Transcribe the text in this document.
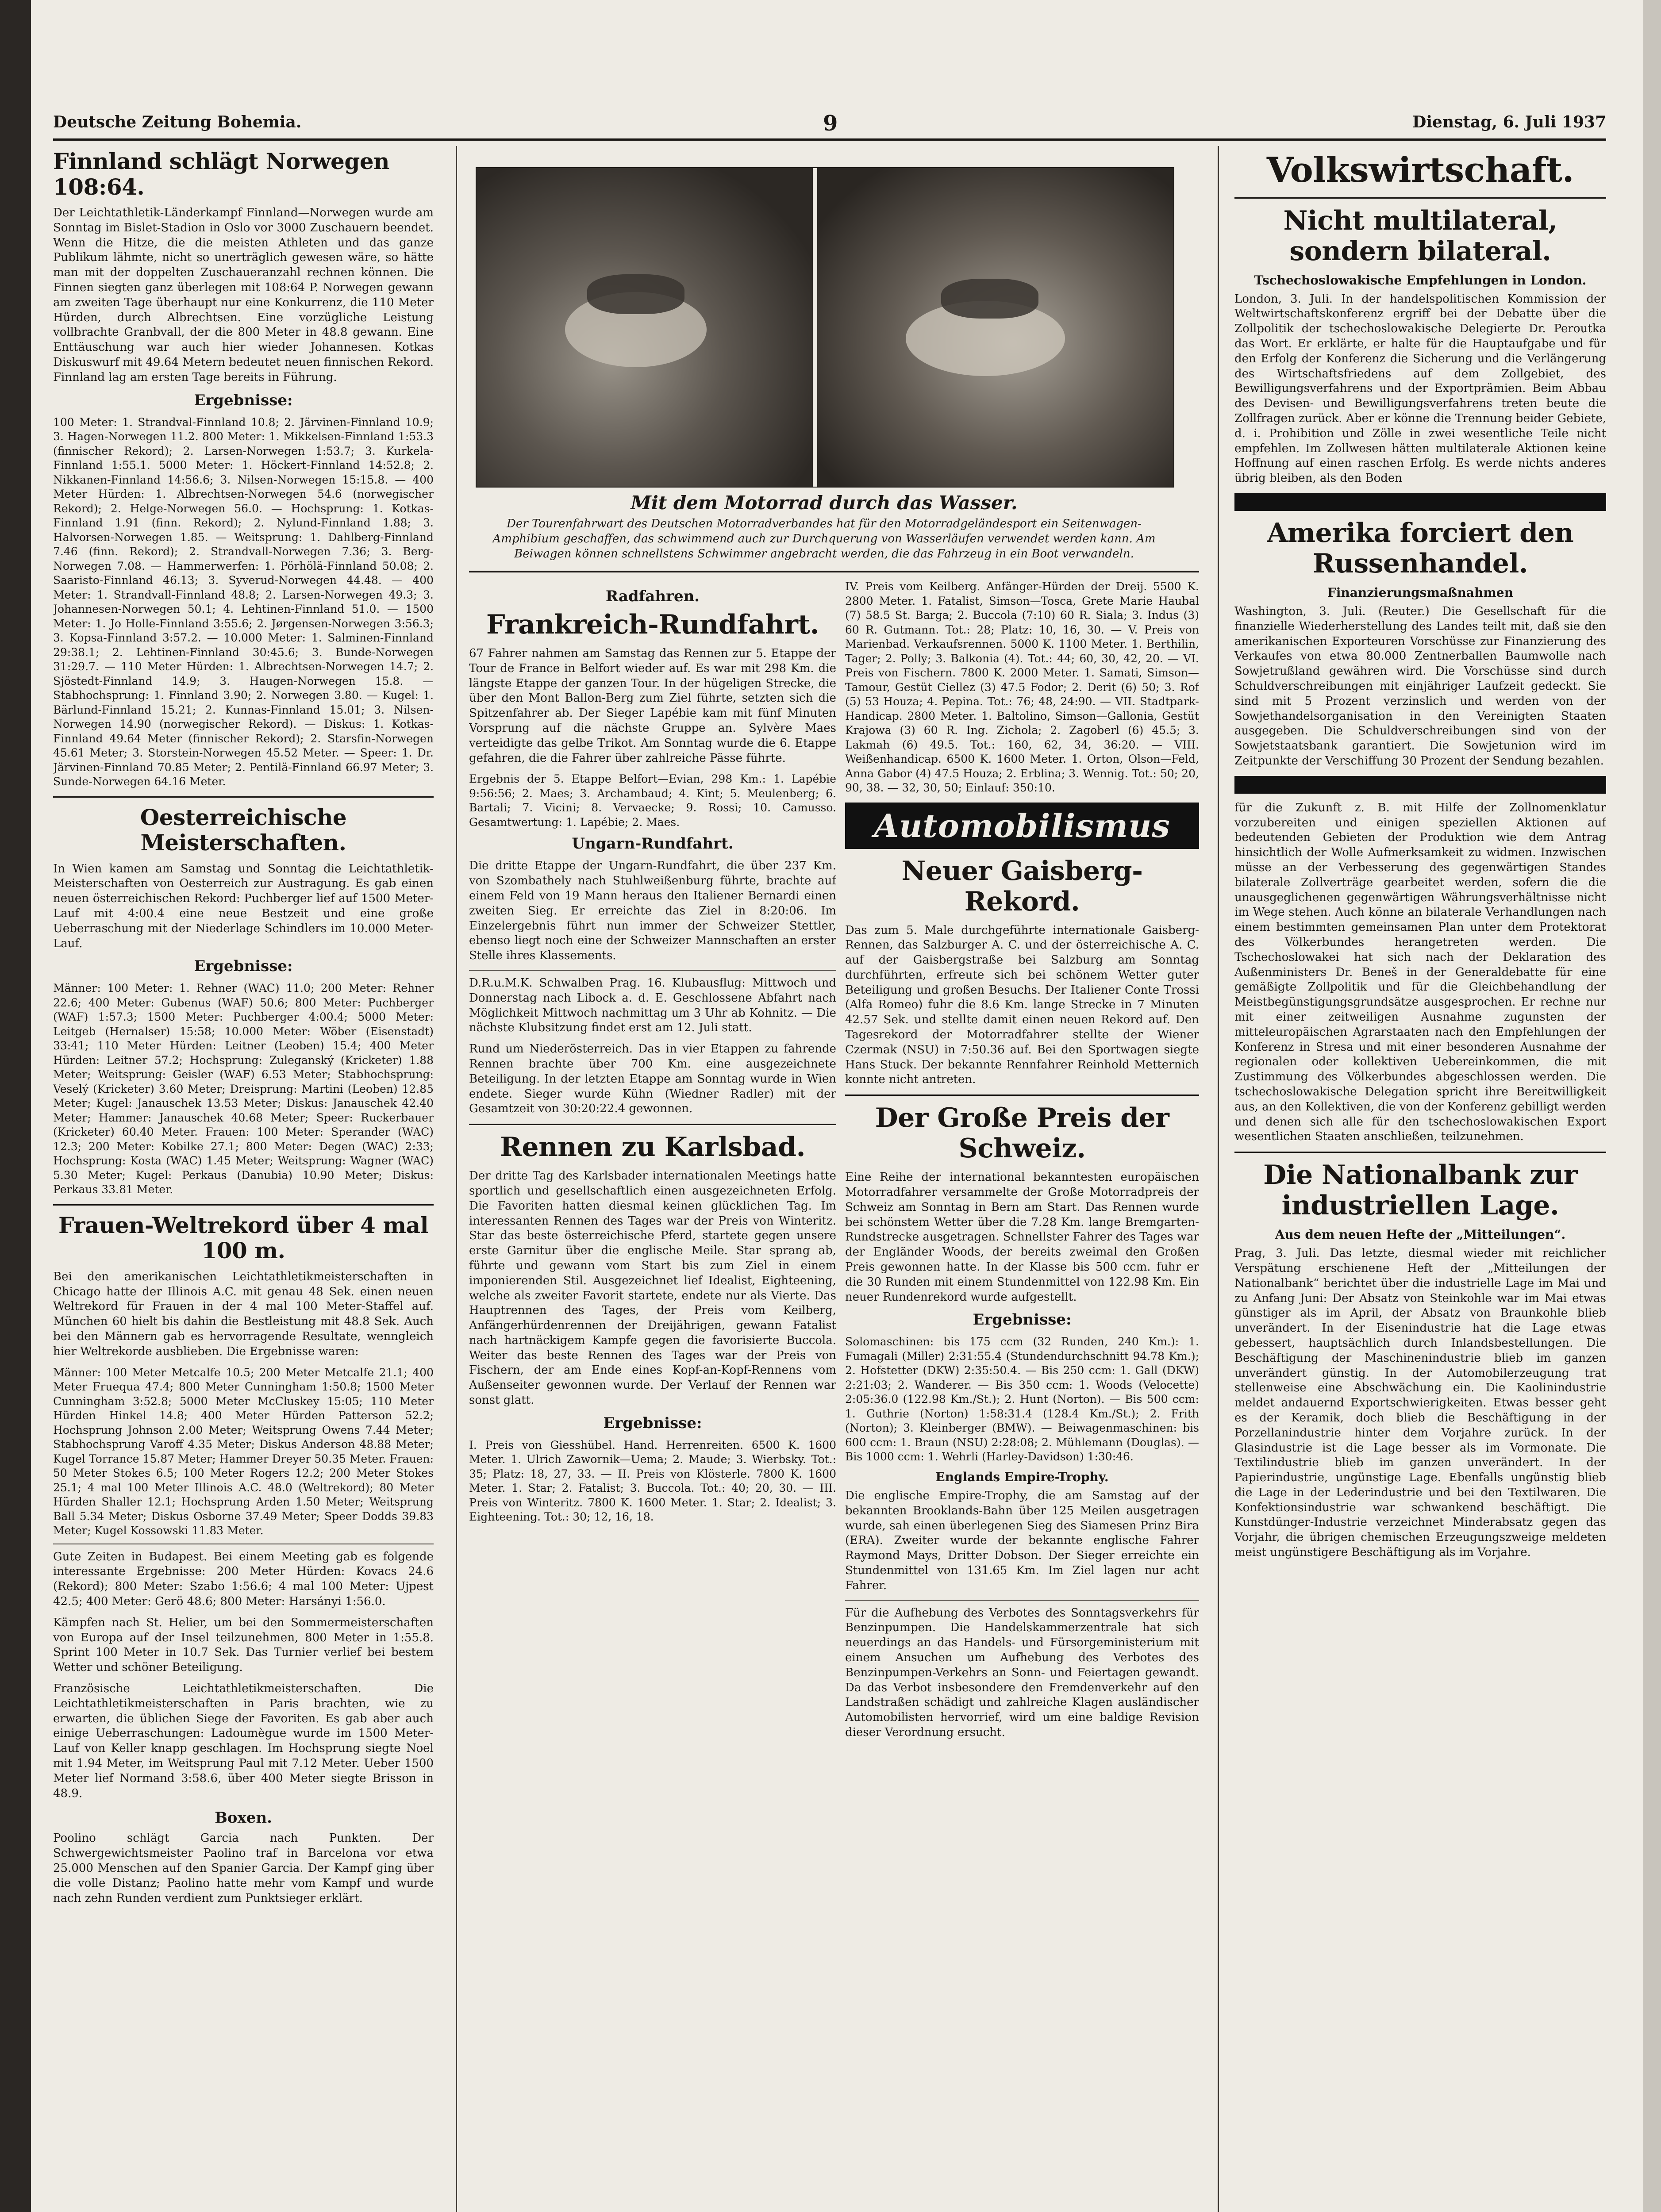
Deutsche Zeitung Bohemia.	9	Dienstag, 6. Juli 1937
Finnland schlägt Norwegen 108:64.

Der Leichtathletik-Länderkampf Finnland—Norwegen wurde am Sonntag im Bislet-Stadion in Oslo vor 3000 Zuschauern beendet. Wenn die Hitze, die die meisten Athleten und das ganze Publikum lähmte, nicht so unerträglich gewesen wäre, so hätte man mit der doppelten Zuschaueranzahl rechnen können. Die Finnen siegten ganz überlegen mit 108:64 P. Norwegen gewann am zweiten Tage überhaupt nur eine Konkurrenz, die 110 Meter Hürden, durch Albrechtsen. Eine vorzügliche Leistung vollbrachte Granbvall, der die 800 Meter in 48.8 gewann. Eine Enttäuschung war auch hier wieder Johannesen. Kotkas Diskuswurf mit 49.64 Metern bedeutet neuen finnischen Rekord. Finnland lag am ersten Tage bereits in Führung.

Ergebnisse:

100 Meter: 1. Strandval-Finnland 10.8; 2. Järvinen-Finnland 10.9; 3. Hagen-Norwegen 11.2. 800 Meter: 1. Mikkelsen-Finnland 1:53.3 (finnischer Rekord); 2. Larsen-Norwegen 1:53.7; 3. Kurkela-Finnland 1:55.1. 5000 Meter: 1. Höckert-Finnland 14:52.8; 2. Nikkanen-Finnland 14:56.6; 3. Nilsen-Norwegen 15:15.8. — 400 Meter Hürden: 1. Albrechtsen-Norwegen 54.6 (norwegischer Rekord); 2. Helge-Norwegen 56.0. — Hochsprung: 1. Kotkas-Finnland 1.91 (finn. Rekord); 2. Nylund-Finnland 1.88; 3. Halvorsen-Norwegen 1.85. — Weitsprung: 1. Dahlberg-Finnland 7.46 (finn. Rekord); 2. Strandvall-Norwegen 7.36; 3. Berg-Norwegen 7.08. — Hammerwerfen: 1. Pörhölä-Finnland 50.08; 2. Saaristo-Finnland 46.13; 3. Syverud-Norwegen 44.48. — 400 Meter: 1. Strandvall-Finnland 48.8; 2. Larsen-Norwegen 49.3; 3. Johannesen-Norwegen 50.1; 4. Lehtinen-Finnland 51.0. — 1500 Meter: 1. Jo Holle-Finnland 3:55.6; 2. Jørgensen-Norwegen 3:56.3; 3. Kopsa-Finnland 3:57.2. — 10.000 Meter: 1. Salminen-Finnland 29:38.1; 2. Lehtinen-Finnland 30:45.6; 3. Bunde-Norwegen 31:29.7. — 110 Meter Hürden: 1. Albrechtsen-Norwegen 14.7; 2. Sjöstedt-Finnland 14.9; 3. Haugen-Norwegen 15.8. — Stabhochsprung: 1. Finnland 3.90; 2. Norwegen 3.80. — Kugel: 1. Bärlund-Finnland 15.21; 2. Kunnas-Finnland 15.01; 3. Nilsen-Norwegen 14.90 (norwegischer Rekord). — Diskus: 1. Kotkas-Finnland 49.64 Meter (finnischer Rekord); 2. Starsfin-Norwegen 45.61 Meter; 3. Storstein-Norwegen 45.52 Meter. — Speer: 1. Dr. Järvinen-Finnland 70.85 Meter; 2. Pentilä-Finnland 66.97 Meter; 3. Sunde-Norwegen 64.16 Meter.

Oesterreichische Meisterschaften.

In Wien kamen am Samstag und Sonntag die Leichtathletik-Meisterschaften von Oesterreich zur Austragung. Es gab einen neuen österreichischen Rekord: Puchberger lief auf 1500 Meter-Lauf mit 4:00.4 eine neue Bestzeit und eine große Ueberraschung mit der Niederlage Schindlers im 10.000 Meter-Lauf.

Ergebnisse:

Männer: 100 Meter: 1. Rehner (WAC) 11.0; 200 Meter: Rehner 22.6; 400 Meter: Gubenus (WAF) 50.6; 800 Meter: Puchberger (WAF) 1:57.3; 1500 Meter: Puchberger 4:00.4; 5000 Meter: Leitgeb (Hernalser) 15:58; 10.000 Meter: Wöber (Eisenstadt) 33:41; 110 Meter Hürden: Leitner (Leoben) 15.4; 400 Meter Hürden: Leitner 57.2; Hochsprung: Zuleganský (Kricketer) 1.88 Meter; Weitsprung: Geisler (WAF) 6.53 Meter; Stabhochsprung: Veselý (Kricketer) 3.60 Meter; Dreisprung: Martini (Leoben) 12.85 Meter; Kugel: Janauschek 13.53 Meter; Diskus: Janauschek 42.40 Meter; Hammer: Janauschek 40.68 Meter; Speer: Ruckerbauer (Kricketer) 60.40 Meter. Frauen: 100 Meter: Sperander (WAC) 12.3; 200 Meter: Kobilke 27.1; 800 Meter: Degen (WAC) 2:33; Hochsprung: Kosta (WAC) 1.45 Meter; Weitsprung: Wagner (WAC) 5.30 Meter; Kugel: Perkaus (Danubia) 10.90 Meter; Diskus: Perkaus 33.81 Meter.

Frauen-Weltrekord über 4 mal 100 m.

Bei den amerikanischen Leichtathletikmeisterschaften in Chicago hatte der Illinois A.C. mit genau 48 Sek. einen neuen Weltrekord für Frauen in der 4 mal 100 Meter-Staffel auf. München 60 hielt bis dahin die Bestleistung mit 48.8 Sek. Auch bei den Männern gab es hervorragende Resultate, wenngleich hier Weltrekorde ausblieben. Die Ergebnisse waren:

Männer: 100 Meter Metcalfe 10.5; 200 Meter Metcalfe 21.1; 400 Meter Fruequa 47.4; 800 Meter Cunningham 1:50.8; 1500 Meter Cunningham 3:52.8; 5000 Meter McCluskey 15:05; 110 Meter Hürden Hinkel 14.8; 400 Meter Hürden Patterson 52.2; Hochsprung Johnson 2.00 Meter; Weitsprung Owens 7.44 Meter; Stabhochsprung Varoff 4.35 Meter; Diskus Anderson 48.88 Meter; Kugel Torrance 15.87 Meter; Hammer Dreyer 50.35 Meter. Frauen: 50 Meter Stokes 6.5; 100 Meter Rogers 12.2; 200 Meter Stokes 25.1; 4 mal 100 Meter Illinois A.C. 48.0 (Weltrekord); 80 Meter Hürden Shaller 12.1; Hochsprung Arden 1.50 Meter; Weitsprung Ball 5.34 Meter; Diskus Osborne 37.49 Meter; Speer Dodds 39.83 Meter; Kugel Kossowski 11.83 Meter.

Gute Zeiten in Budapest. Bei einem Meeting gab es folgende interessante Ergebnisse: 200 Meter Hürden: Kovacs 24.6 (Rekord); 800 Meter: Szabo 1:56.6; 4 mal 100 Meter: Ujpest 42.5; 400 Meter: Gerö 48.6; 800 Meter: Harsányi 1:56.0.

Kämpfen nach St. Helier, um bei den Sommermeisterschaften von Europa auf der Insel teilzunehmen, 800 Meter in 1:55.8. Sprint 100 Meter in 10.7 Sek. Das Turnier verlief bei bestem Wetter und schöner Beteiligung.

Französische Leichtathletikmeisterschaften. Die Leichtathletikmeisterschaften in Paris brachten, wie zu erwarten, die üblichen Siege der Favoriten. Es gab aber auch einige Ueberraschungen: Ladoumègue wurde im 1500 Meter-Lauf von Keller knapp geschlagen. Im Hochsprung siegte Noel mit 1.94 Meter, im Weitsprung Paul mit 7.12 Meter. Ueber 1500 Meter lief Normand 3:58.6, über 400 Meter siegte Brisson in 48.9.

Boxen.

Poolino schlägt Garcia nach Punkten. Der Schwergewichtsmeister Paolino traf in Barcelona vor etwa 25.000 Menschen auf den Spanier Garcia. Der Kampf ging über die volle Distanz; Paolino hatte mehr vom Kampf und wurde nach zehn Runden verdient zum Punktsieger erklärt.

Mit dem Motorrad durch das Wasser.
Der Tourenfahrwart des Deutschen Motorradverbandes hat für den Motorradgeländesport ein Seitenwagen-Amphibium geschaffen, das schwimmend auch zur Durchquerung von Wasserläufen verwendet werden kann. Am Beiwagen können schnellstens Schwimmer angebracht werden, die das Fahrzeug in ein Boot verwandeln.
Radfahren.
Frankreich-Rundfahrt.

67 Fahrer nahmen am Samstag das Rennen zur 5. Etappe der Tour de France in Belfort wieder auf. Es war mit 298 Km. die längste Etappe der ganzen Tour. In der hügeligen Strecke, die über den Mont Ballon-Berg zum Ziel führte, setzten sich die Spitzenfahrer ab. Der Sieger Lapébie kam mit fünf Minuten Vorsprung auf die nächste Gruppe an. Sylvère Maes verteidigte das gelbe Trikot. Am Sonntag wurde die 6. Etappe gefahren, die die Fahrer über zahlreiche Pässe führte.

Ergebnis der 5. Etappe Belfort—Evian, 298 Km.: 1. Lapébie 9:56:56; 2. Maes; 3. Archambaud; 4. Kint; 5. Meulenberg; 6. Bartali; 7. Vicini; 8. Vervaecke; 9. Rossi; 10. Camusso. Gesamtwertung: 1. Lapébie; 2. Maes.

Ungarn-Rundfahrt.

Die dritte Etappe der Ungarn-Rundfahrt, die über 237 Km. von Szombathely nach Stuhlweißenburg führte, brachte auf einem Feld von 19 Mann heraus den Italiener Bernardi einen zweiten Sieg. Er erreichte das Ziel in 8:20:06. Im Einzelergebnis führt nun immer der Schweizer Stettler, ebenso liegt noch eine der Schweizer Mannschaften an erster Stelle ihres Klassements.

D.R.u.M.K. Schwalben Prag. 16. Klubausflug: Mittwoch und Donnerstag nach Libock a. d. E. Geschlossene Abfahrt nach Möglichkeit Mittwoch nachmittag um 3 Uhr ab Kohnitz. — Die nächste Klubsitzung findet erst am 12. Juli statt.

Rund um Niederösterreich. Das in vier Etappen zu fahrende Rennen brachte über 700 Km. eine ausgezeichnete Beteiligung. In der letzten Etappe am Sonntag wurde in Wien endete. Sieger wurde Kühn (Wiedner Radler) mit der Gesamtzeit von 30:20:22.4 gewonnen.

Rennen zu Karlsbad.

Der dritte Tag des Karlsbader internationalen Meetings hatte sportlich und gesellschaftlich einen ausgezeichneten Erfolg. Die Favoriten hatten diesmal keinen glücklichen Tag. Im interessanten Rennen des Tages war der Preis von Winteritz. Star das beste österreichische Pferd, startete gegen unsere erste Garnitur über die englische Meile. Star sprang ab, führte und gewann vom Start bis zum Ziel in einem imponierenden Stil. Ausgezeichnet lief Idealist, Eighteening, welche als zweiter Favorit startete, endete nur als Vierte. Das Hauptrennen des Tages, der Preis vom Keilberg, Anfängerhürdenrennen der Dreijährigen, gewann Fatalist nach hartnäckigem Kampfe gegen die favorisierte Buccola. Weiter das beste Rennen des Tages war der Preis von Fischern, der am Ende eines Kopf-an-Kopf-Rennens vom Außenseiter gewonnen wurde. Der Verlauf der Rennen war sonst glatt.

Ergebnisse:

I. Preis von Giesshübel. Hand. Herrenreiten. 6500 K. 1600 Meter. 1. Ulrich Zawornik—Uema; 2. Maude; 3. Wierbsky. Tot.: 35; Platz: 18, 27, 33. — II. Preis von Klösterle. 7800 K. 1600 Meter. 1. Star; 2. Fatalist; 3. Buccola. Tot.: 40; 20, 30. — III. Preis von Winteritz. 7800 K. 1600 Meter. 1. Star; 2. Idealist; 3. Eighteening. Tot.: 30; 12, 16, 18.

IV. Preis vom Keilberg. Anfänger-Hürden der Dreij. 5500 K. 2800 Meter. 1. Fatalist, Simson—Tosca, Grete Marie Haubal (7) 58.5 St. Barga; 2. Buccola (7:10) 60 R. Siala; 3. Indus (3) 60 R. Gutmann. Tot.: 28; Platz: 10, 16, 30. — V. Preis von Marienbad. Verkaufsrennen. 5000 K. 1100 Meter. 1. Berthilin, Tager; 2. Polly; 3. Balkonia (4). Tot.: 44; 60, 30, 42, 20. — VI. Preis von Fischern. 7800 K. 2000 Meter. 1. Samati, Simson—Tamour, Gestüt Ciellez (3) 47.5 Fodor; 2. Derit (6) 50; 3. Rof (5) 53 Houza; 4. Pepina. Tot.: 76; 48, 24:90. — VII. Stadtpark-Handicap. 2800 Meter. 1. Baltolino, Simson—Gallonia, Gestüt Krajowa (3) 60 R. Ing. Zichola; 2. Zagoberl (6) 45.5; 3. Lakmah (6) 49.5. Tot.: 160, 62, 34, 36:20. — VIII. Weißenhandicap. 6500 K. 1600 Meter. 1. Orton, Olson—Feld, Anna Gabor (4) 47.5 Houza; 2. Erblina; 3. Wennig. Tot.: 50; 20, 90, 38. — 32, 30, 50; Einlauf: 350:10.

Automobilismus
Neuer Gaisberg-Rekord.

Das zum 5. Male durchgeführte internationale Gaisberg-Rennen, das Salzburger A. C. und der österreichische A. C. auf der Gaisbergstraße bei Salzburg am Sonntag durchführten, erfreute sich bei schönem Wetter guter Beteiligung und großen Besuchs. Der Italiener Conte Trossi (Alfa Romeo) fuhr die 8.6 Km. lange Strecke in 7 Minuten 42.57 Sek. und stellte damit einen neuen Rekord auf. Den Tagesrekord der Motorradfahrer stellte der Wiener Czermak (NSU) in 7:50.36 auf. Bei den Sportwagen siegte Hans Stuck. Der bekannte Rennfahrer Reinhold Metternich konnte nicht antreten.

Der Große Preis der Schweiz.

Eine Reihe der international bekanntesten europäischen Motorradfahrer versammelte der Große Motorradpreis der Schweiz am Sonntag in Bern am Start. Das Rennen wurde bei schönstem Wetter über die 7.28 Km. lange Bremgarten-Rundstrecke ausgetragen. Schnellster Fahrer des Tages war der Engländer Woods, der bereits zweimal den Großen Preis gewonnen hatte. In der Klasse bis 500 ccm. fuhr er die 30 Runden mit einem Stundenmittel von 122.98 Km. Ein neuer Rundenrekord wurde aufgestellt.

Ergebnisse:

Solomaschinen: bis 175 ccm (32 Runden, 240 Km.): 1. Fumagali (Miller) 2:31:55.4 (Stundendurchschnitt 94.78 Km.); 2. Hofstetter (DKW) 2:35:50.4. — Bis 250 ccm: 1. Gall (DKW) 2:21:03; 2. Wanderer. — Bis 350 ccm: 1. Woods (Velocette) 2:05:36.0 (122.98 Km./St.); 2. Hunt (Norton). — Bis 500 ccm: 1. Guthrie (Norton) 1:58:31.4 (128.4 Km./St.); 2. Frith (Norton); 3. Kleinberger (BMW). — Beiwagenmaschinen: bis 600 ccm: 1. Braun (NSU) 2:28:08; 2. Mühlemann (Douglas). — Bis 1000 ccm: 1. Wehrli (Harley-Davidson) 1:30:46.

Englands Empire-Trophy.

Die englische Empire-Trophy, die am Samstag auf der bekannten Brooklands-Bahn über 125 Meilen ausgetragen wurde, sah einen überlegenen Sieg des Siamesen Prinz Bira (ERA). Zweiter wurde der bekannte englische Fahrer Raymond Mays, Dritter Dobson. Der Sieger erreichte ein Stundenmittel von 131.65 Km. Im Ziel lagen nur acht Fahrer.

Für die Aufhebung des Verbotes des Sonntagsverkehrs für Benzinpumpen. Die Handelskammerzentrale hat sich neuerdings an das Handels- und Fürsorgeministerium mit einem Ansuchen um Aufhebung des Verbotes des Benzinpumpen-Verkehrs an Sonn- und Feiertagen gewandt. Da das Verbot insbesondere den Fremdenverkehr auf den Landstraßen schädigt und zahlreiche Klagen ausländischer Automobilisten hervorrief, wird um eine baldige Revision dieser Verordnung ersucht.

Volkswirtschaft.
Nicht multilateral, sondern bilateral.
Tschechoslowakische Empfehlungen in London.

London, 3. Juli. In der handelspolitischen Kommission der Weltwirtschaftskonferenz ergriff bei der Debatte über die Zollpolitik der tschechoslowakische Delegierte Dr. Peroutka das Wort. Er erklärte, er halte für die Hauptaufgabe und für den Erfolg der Konferenz die Sicherung und die Verlängerung des Wirtschaftsfriedens auf dem Zollgebiet, des Bewilligungsverfahrens und der Exportprämien. Beim Abbau des Devisen- und Bewilligungsverfahrens treten beute die Zollfragen zurück. Aber er könne die Trennung beider Gebiete, d. i. Prohibition und Zölle in zwei wesentliche Teile nicht empfehlen. Im Zollwesen hätten multilaterale Aktionen keine Hoffnung auf einen raschen Erfolg. Es werde nichts anderes übrig bleiben, als den Boden

Amerika forciert den Russenhandel.
Finanzierungsmaßnahmen

Washington, 3. Juli. (Reuter.) Die Gesellschaft für die finanzielle Wiederherstellung des Landes teilt mit, daß sie den amerikanischen Exporteuren Vorschüsse zur Finanzierung des Verkaufes von etwa 80.000 Zentnerballen Baumwolle nach Sowjetrußland gewähren wird. Die Vorschüsse sind durch Schuldverschreibungen mit einjähriger Laufzeit gedeckt. Sie sind mit 5 Prozent verzinslich und werden von der Sowjethandelsorganisation in den Vereinigten Staaten ausgegeben. Die Schuldverschreibungen sind von der Sowjetstaatsbank garantiert. Die Sowjetunion wird im Zeitpunkte der Verschiffung 30 Prozent der Sendung bezahlen.

für die Zukunft z. B. mit Hilfe der Zollnomenklatur vorzubereiten und einigen speziellen Aktionen auf bedeutenden Gebieten der Produktion wie dem Antrag hinsichtlich der Wolle Aufmerksamkeit zu widmen. Inzwischen müsse an der Verbesserung des gegenwärtigen Standes bilaterale Zollverträge gearbeitet werden, sofern die die unausgeglichenen gegenwärtigen Währungsverhältnisse nicht im Wege stehen. Auch könne an bilaterale Verhandlungen nach einem bestimmten gemeinsamen Plan unter dem Protektorat des Völkerbundes herangetreten werden. Die Tschechoslowakei hat sich nach der Deklaration des Außenministers Dr. Beneš in der Generaldebatte für eine gemäßigte Zollpolitik und für die Gleichbehandlung der Meistbegünstigungsgrundsätze ausgesprochen. Er rechne nur mit einer zeitweiligen Ausnahme zugunsten der mitteleuropäischen Agrarstaaten nach den Empfehlungen der Konferenz in Stresa und mit einer besonderen Ausnahme der regionalen oder kollektiven Uebereinkommen, die mit Zustimmung des Völkerbundes abgeschlossen werden. Die tschechoslowakische Delegation spricht ihre Bereitwilligkeit aus, an den Kollektiven, die von der Konferenz gebilligt werden und denen sich alle für den tschechoslowakischen Export wesentlichen Staaten anschließen, teilzunehmen.

Die Nationalbank zur industriellen Lage.
Aus dem neuen Hefte der „Mitteilungen“.

Prag, 3. Juli. Das letzte, diesmal wieder mit reichlicher Verspätung erschienene Heft der „Mitteilungen der Nationalbank“ berichtet über die industrielle Lage im Mai und zu Anfang Juni: Der Absatz von Steinkohle war im Mai etwas günstiger als im April, der Absatz von Braunkohle blieb unverändert. In der Eisenindustrie hat die Lage etwas gebessert, hauptsächlich durch Inlandsbestellungen. Die Beschäftigung der Maschinenindustrie blieb im ganzen unverändert günstig. In der Automobilerzeugung trat stellenweise eine Abschwächung ein. Die Kaolinindustrie meldet andauernd Exportschwierigkeiten. Etwas besser geht es der Keramik, doch blieb die Beschäftigung in der Porzellanindustrie hinter dem Vorjahre zurück. In der Glasindustrie ist die Lage besser als im Vormonate. Die Textilindustrie blieb im ganzen unverändert. In der Papierindustrie, ungünstige Lage. Ebenfalls ungünstig blieb die Lage in der Lederindustrie und bei den Textilwaren. Die Konfektionsindustrie war schwankend beschäftigt. Die Kunstdünger-Industrie verzeichnet Minderabsatz gegen das Vorjahr, die übrigen chemischen Erzeugungszweige meldeten meist ungünstigere Beschäftigung als im Vorjahre.
